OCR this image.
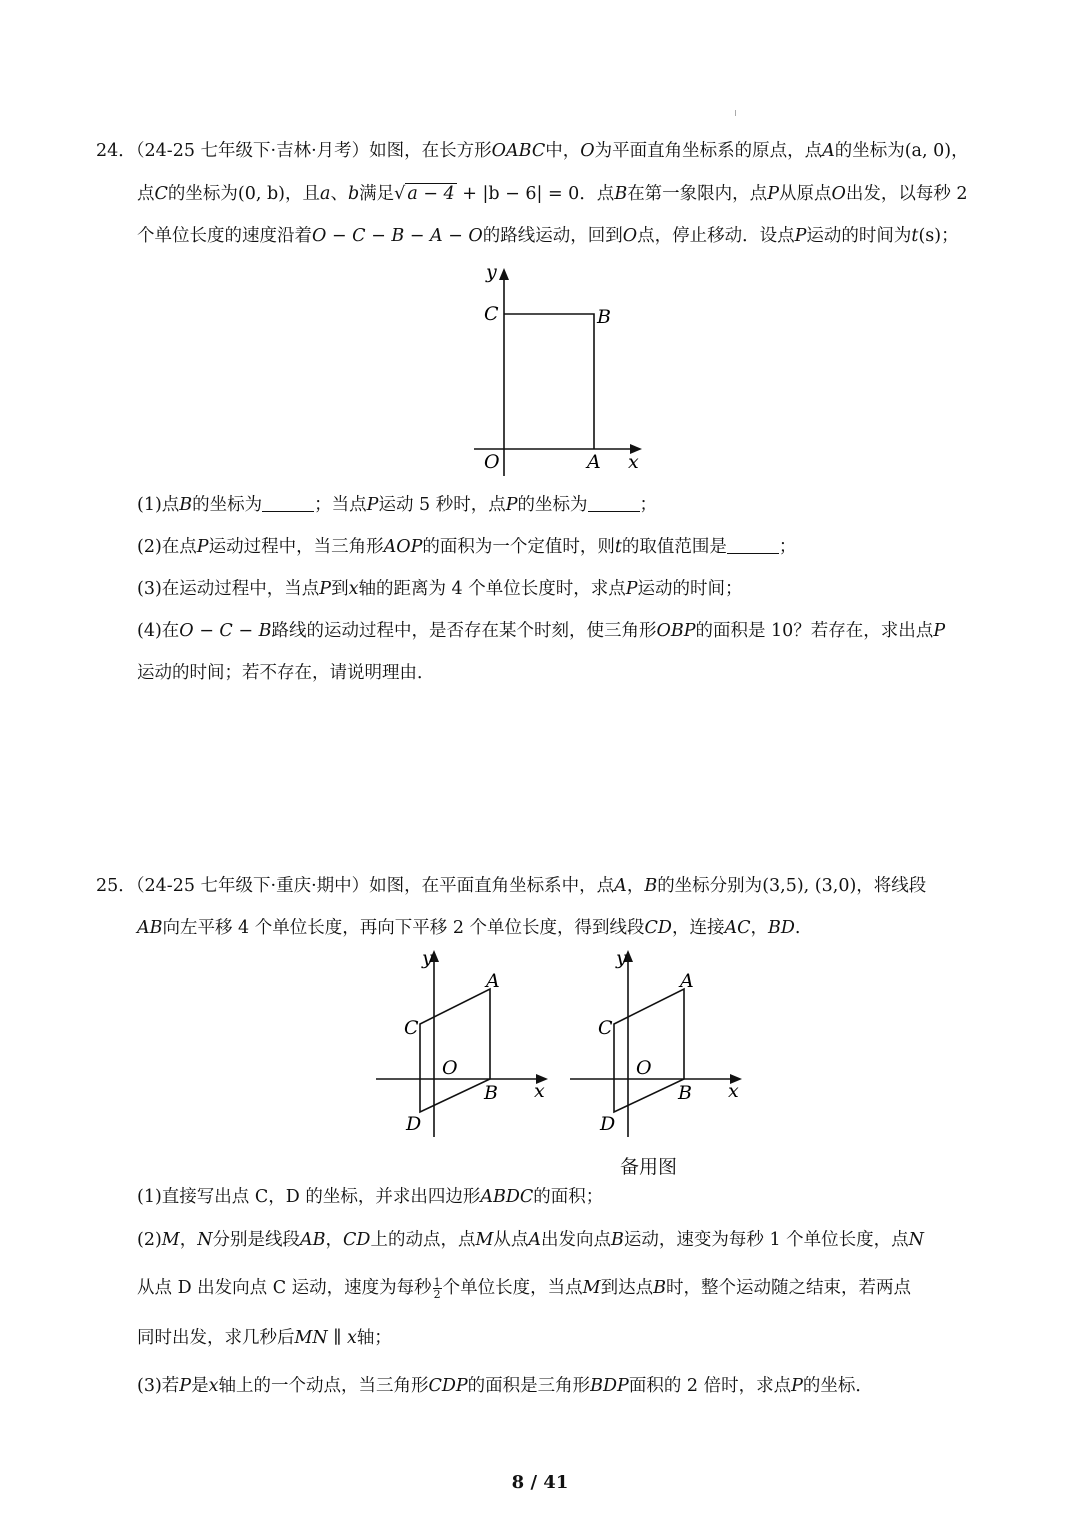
24．（24-25 七年级下·吉林·月考）如图，在长方形OABC中，O为平面直角坐标系的原点，点A的坐标为(a, 0)，
点C的坐标为(0, b)，且a、b满足√ a − 4 + |b − 6| = 0．点B在第一象限内，点P从原点O出发，以每秒 2
个单位长度的速度沿着O − C − B − A − O的路线运动，回到O点，停止移动．设点P运动的时间为t(s)；
y
C	B
O	A x
(1)点B的坐标为	；当点P运动 5 秒时，点P的坐标为	；
(2)在点P运动过程中，当三角形AOP的面积为一个定值时，则t的取值范围是	；
(3)在运动过程中，当点P到x轴的距离为 4 个单位长度时，求点P运动的时间；
(4)在O − C − B路线的运动过程中，是否存在某个时刻，使三角形OBP的面积是 10？若存在，求出点P
运动的时间；若不存在，请说明理由．
25．（24-25 七年级下·重庆·期中）如图，在平面直角坐标系中，点A，B的坐标分别为(3,5), (3,0)，将线段
AB向左平移 4 个单位长度，再向下平移 2 个单位长度，得到线段CD，连接AC，BD.
y
A
C
O
B x
D
y
A
C
O
B x
D
备用图
(1)直接写出点 C，D 的坐标，并求出四边形ABDC的面积；
(2)M，N分别是线段AB，CD上的动点，点M从点A出发向点B运动，速变为每秒 1 个单位长度，点N
从点 D 出发向点 C 运动，速度为每秒 $\frac{1}{2}$ 个单位长度，当点M到达点B时，整个运动随之结束，若两点
同时出发，求几秒后MN ∥ x轴；
(3)若P是x轴上的一个动点，当三角形CDP的面积是三角形BDP面积的 2 倍时，求点P的坐标．
8 / 41
